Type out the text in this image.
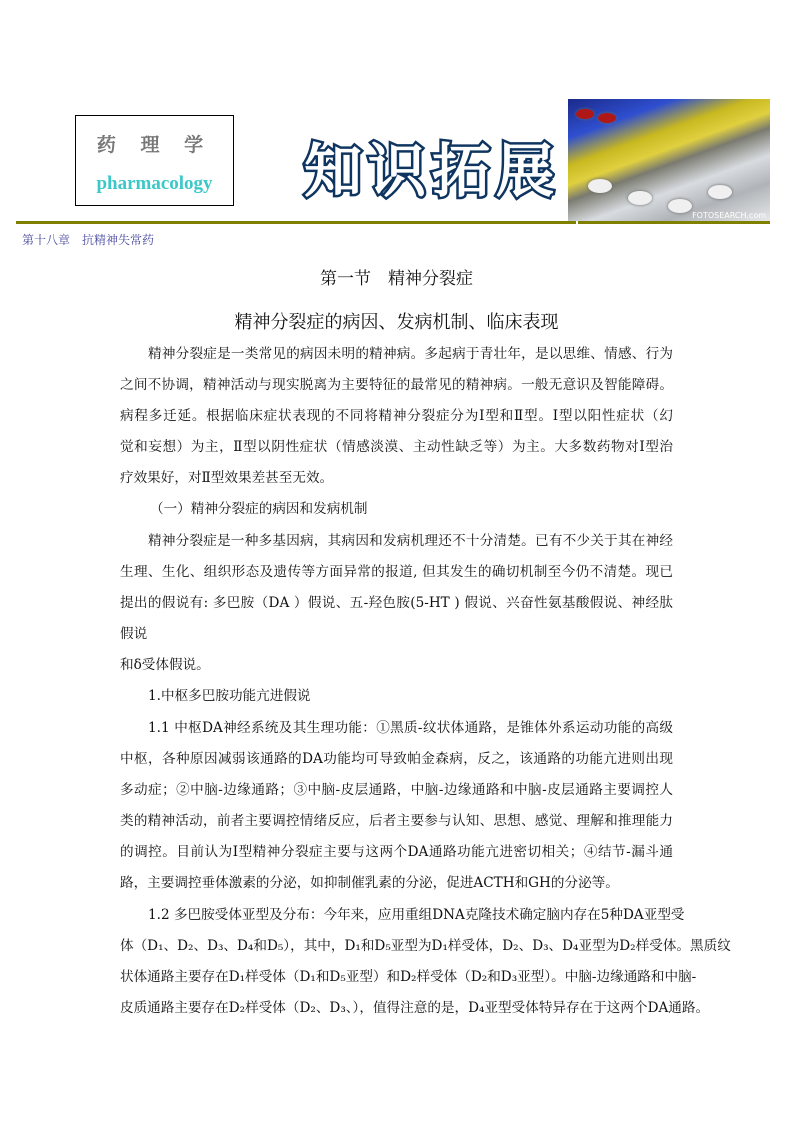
药 理 学
pharmacology	知识拓展
FOTOSEARCH.com
第十八章　抗精神失常药
第一节　精神分裂症
精神分裂症的病因、发病机制、临床表现
精神分裂症是一类常见的病因未明的精神病。多起病于青壮年，是以思维、情感、行为
之间不协调，精神活动与现实脱离为主要特征的最常见的精神病。一般无意识及智能障碍。
病程多迁延。根据临床症状表现的不同将精神分裂症分为Ⅰ型和Ⅱ型。Ⅰ型以阳性症状（幻
觉和妄想）为主，Ⅱ型以阴性症状（情感淡漠、主动性缺乏等）为主。大多数药物对Ⅰ型治
疗效果好，对Ⅱ型效果差甚至无效。
（一）精神分裂症的病因和发病机制
精神分裂症是一种多基因病，其病因和发病机理还不十分清楚。已有不少关于其在神经
生理、生化、组织形态及遗传等方面异常的报道, 但其发生的确切机制至今仍不清楚。现已
提出的假说有: 多巴胺（DA ）假说、五-羟色胺(5-HT ) 假说、兴奋性氨基酸假说、神经肽
假说
和δ受体假说。
1.中枢多巴胺功能亢进假说
1.1 中枢DA神经系统及其生理功能：①黑质-纹状体通路，是锥体外系运动功能的高级
中枢，各种原因减弱该通路的DA功能均可导致帕金森病，反之，该通路的功能亢进则出现
多动症；②中脑-边缘通路；③中脑-皮层通路，中脑-边缘通路和中脑-皮层通路主要调控人
类的精神活动，前者主要调控情绪反应，后者主要参与认知、思想、感觉、理解和推理能力
的调控。目前认为Ⅰ型精神分裂症主要与这两个DA通路功能亢进密切相关；④结节-漏斗通
路，主要调控垂体激素的分泌，如抑制催乳素的分泌，促进ACTH和GH的分泌等。
1.2 多巴胺受体亚型及分布：今年来，应用重组DNA克隆技术确定脑内存在5种DA亚型受
体（D₁、D₂、D₃、D₄和D₅），其中，D₁和D₅亚型为D₁样受体，D₂、D₃、D₄亚型为D₂样受体。黑质纹
状体通路主要存在D₁样受体（D₁和D₅亚型）和D₂样受体（D₂和D₃亚型）。中脑-边缘通路和中脑-
皮质通路主要存在D₂样受体（D₂、D₃、），值得注意的是，D₄亚型受体特异存在于这两个DA通路。
